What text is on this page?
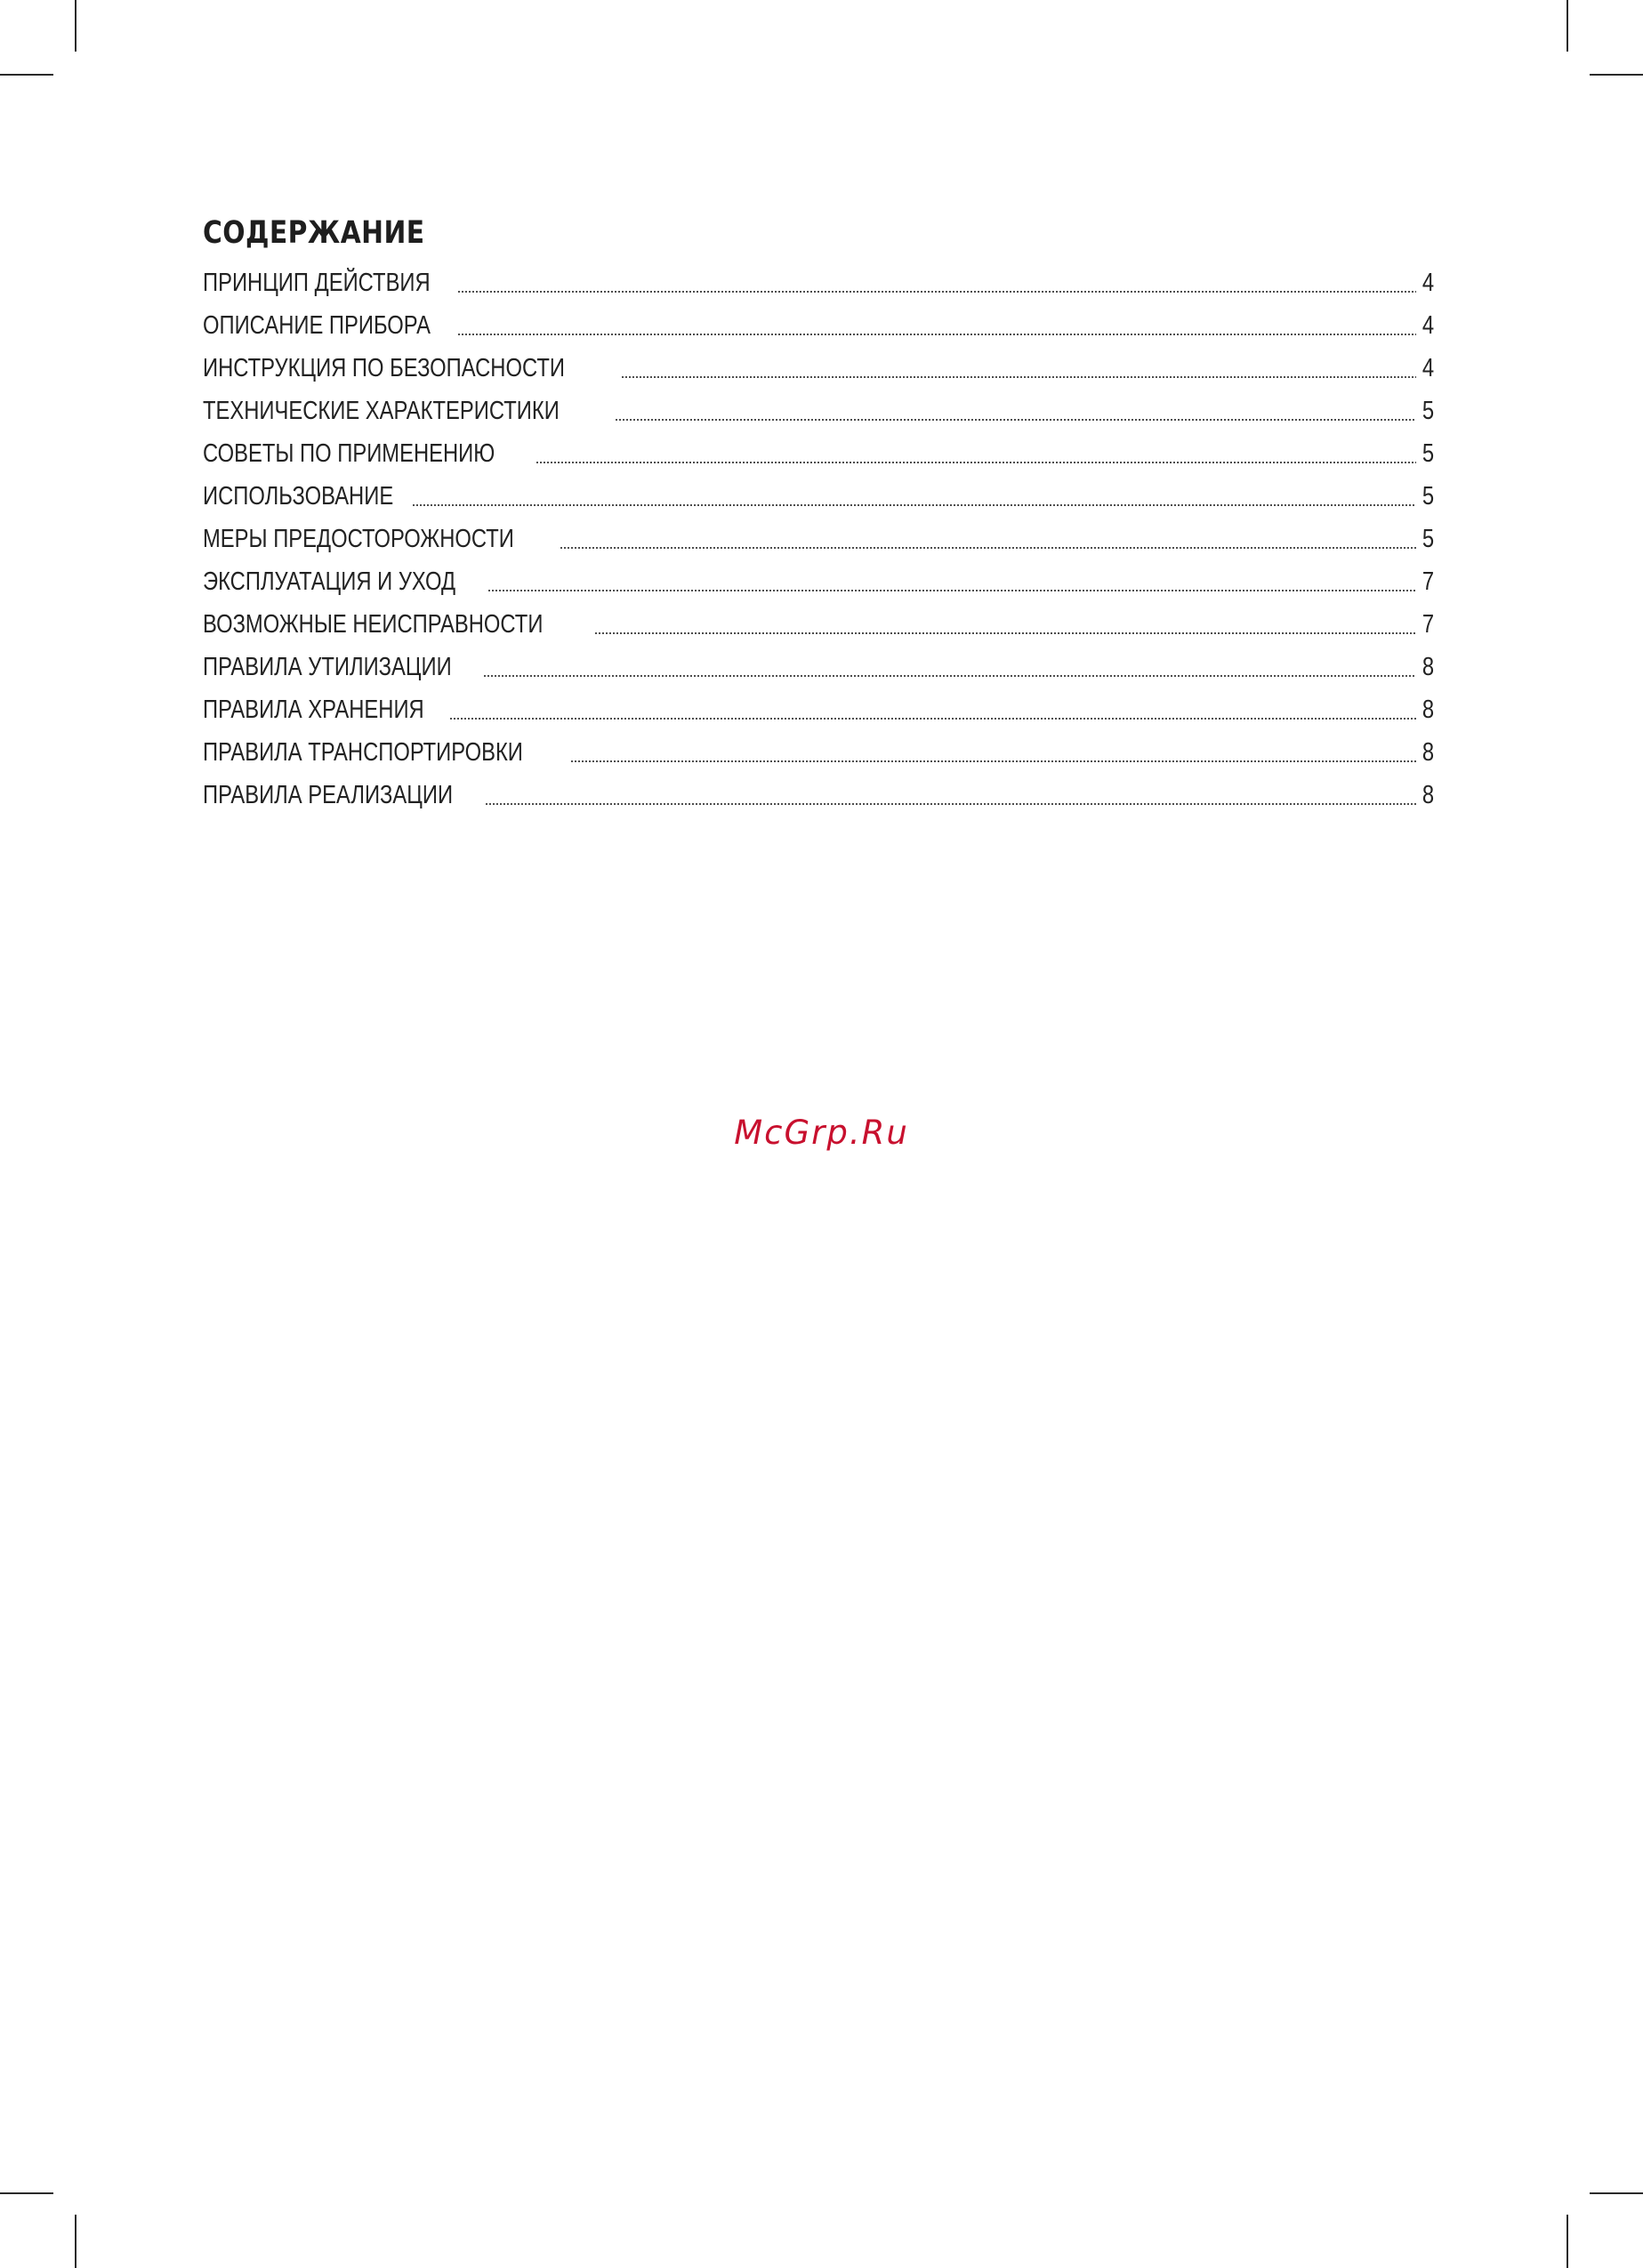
СОДЕРЖАНИЕ
ПРИНЦИП ДЕЙСТВИЯ	4
ОПИСАНИЕ ПРИБОРА	4
ИНСТРУКЦИЯ ПО БЕЗОПАСНОСТИ	4
ТЕХНИЧЕСКИЕ ХАРАКТЕРИСТИКИ	5
СОВЕТЫ ПО ПРИМЕНЕНИЮ	5
ИСПОЛЬЗОВАНИЕ	5
МЕРЫ ПРЕДОСТОРОЖНОСТИ	5
ЭКСПЛУАТАЦИЯ И УХОД	7
ВОЗМОЖНЫЕ НЕИСПРАВНОСТИ	7
ПРАВИЛА УТИЛИЗАЦИИ	8
ПРАВИЛА ХРАНЕНИЯ	8
ПРАВИЛА ТРАНСПОРТИРОВКИ	8
ПРАВИЛА РЕАЛИЗАЦИИ	8
McGrp.Ru
